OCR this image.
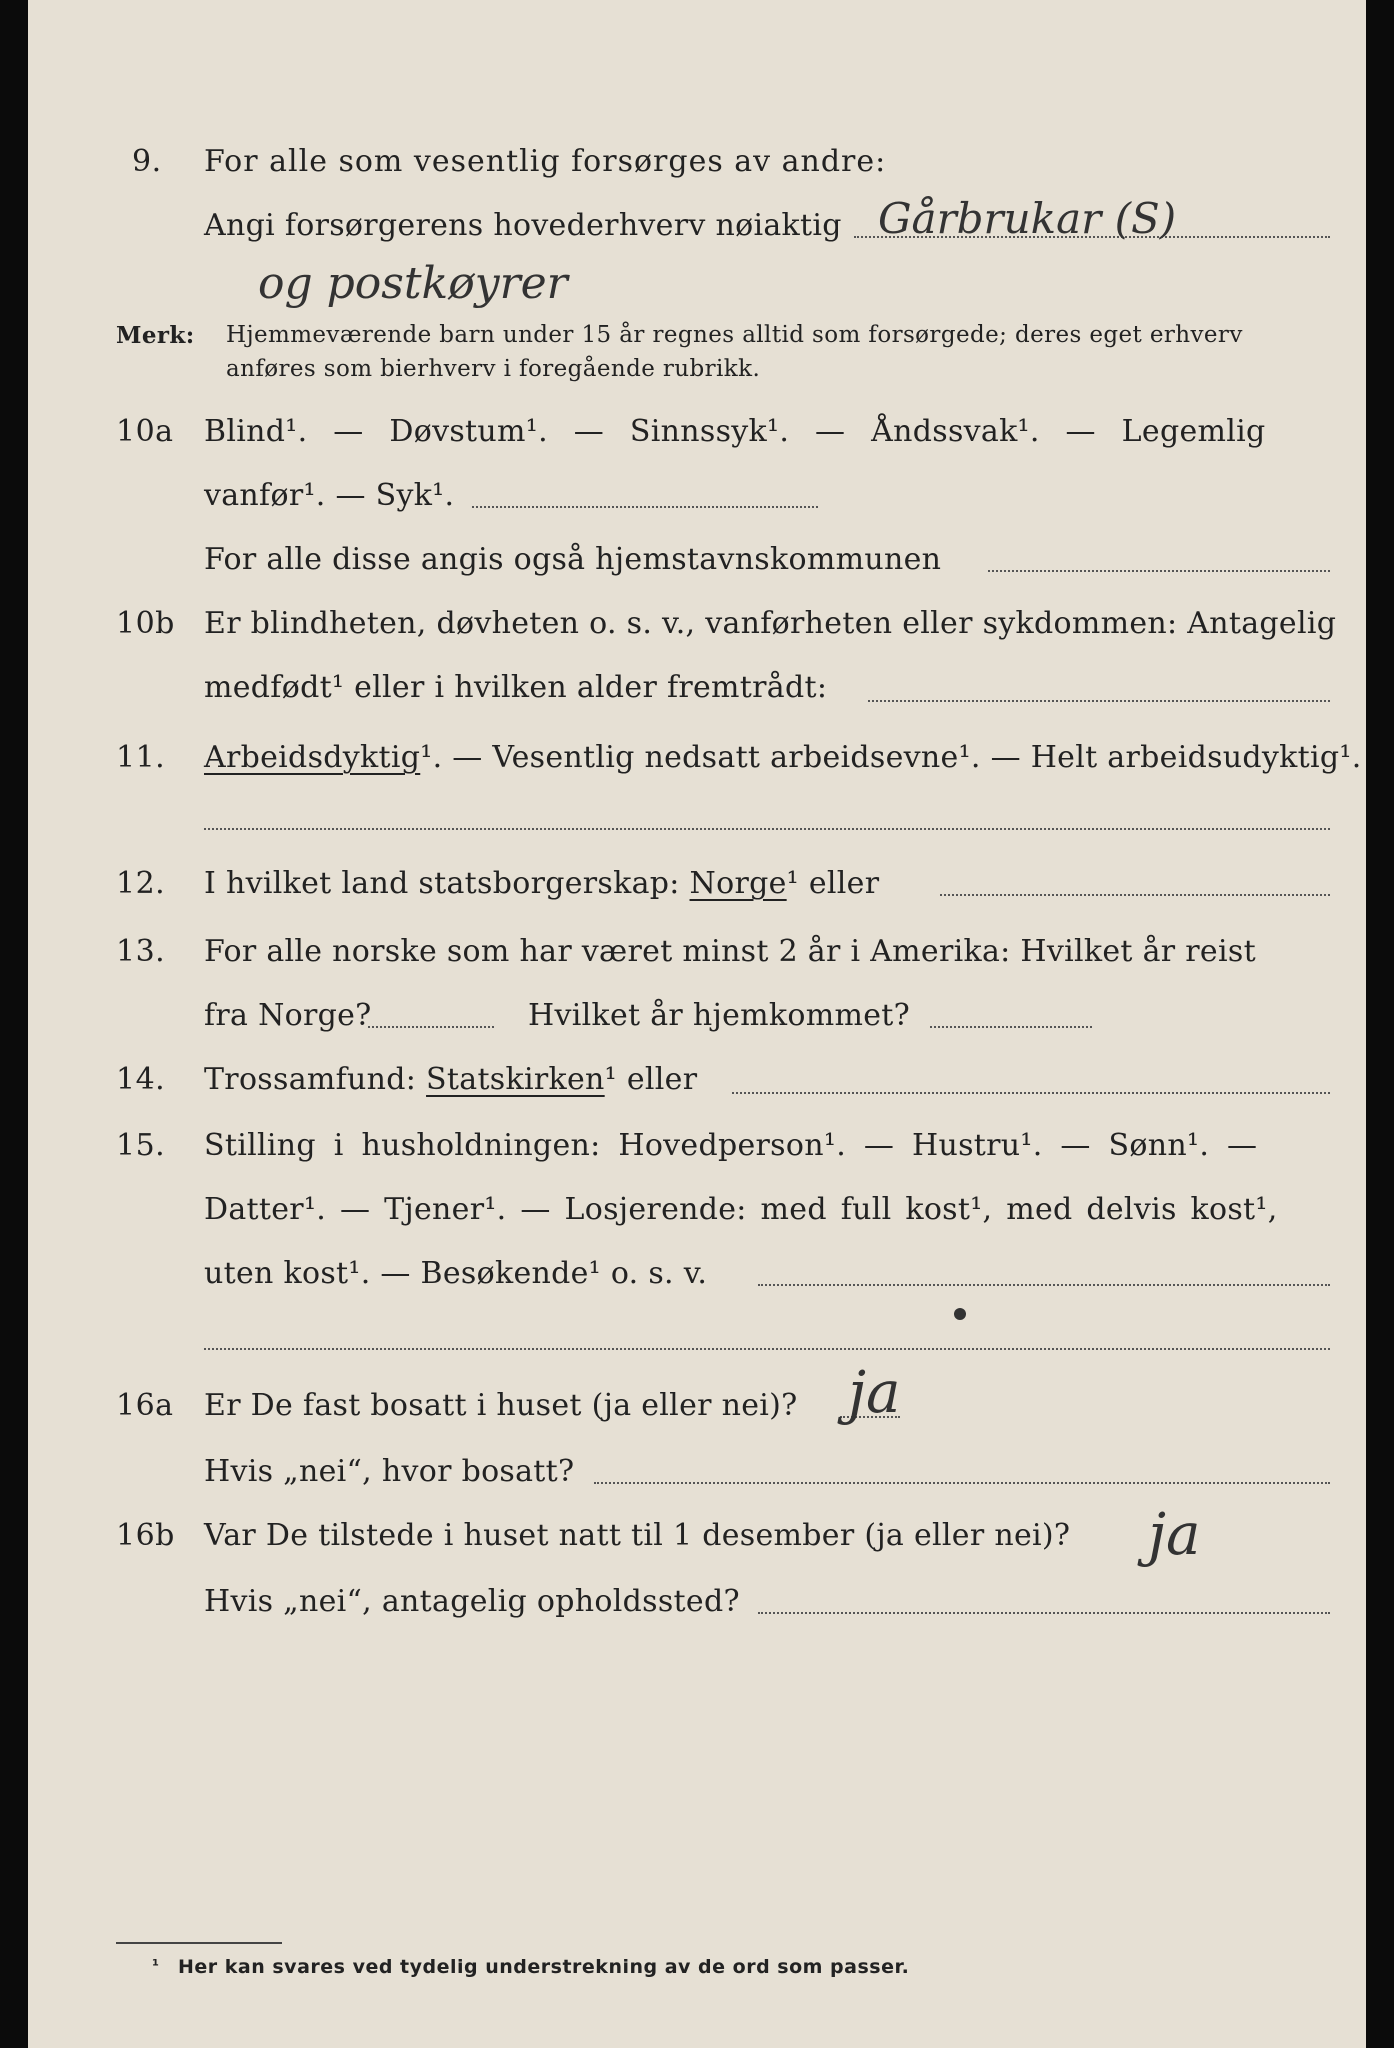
9. For alle som vesentlig forsørges av andre:
Angi forsørgerens hovederhverv nøiaktig Gårbrukar (S)
og postkøyrer
Merk: Hjemmeværende barn under 15 år regnes alltid som forsørgede; deres eget erhverv
anføres som bierhverv i foregående rubrikk.
10a Blind¹. — Døvstum¹. — Sinnssyk¹. — Åndssvak¹. — Legemlig
vanfør¹. — Syk¹.
For alle disse angis også hjemstavnskommunen
10b Er blindheten, døvheten o. s. v., vanførheten eller sykdommen: Antagelig
medfødt¹ eller i hvilken alder fremtrådt:
11. Arbeidsdyktig¹. — Vesentlig nedsatt arbeidsevne¹. — Helt arbeidsudyktig¹.
12. I hvilket land statsborgerskap: Norge¹ eller
13. For alle norske som har været minst 2 år i Amerika: Hvilket år reist
fra Norge?	Hvilket år hjemkommet?
14. Trossamfund: Statskirken¹ eller
15. Stilling i husholdningen: Hovedperson¹. — Hustru¹. — Sønn¹. —
Datter¹. — Tjener¹. — Losjerende: med full kost¹, med delvis kost¹,
uten kost¹. — Besøkende¹ o. s. v.
16a Er De fast bosatt i huset (ja eller nei)? ja
Hvis „nei“, hvor bosatt?
16b Var De tilstede i huset natt til 1 desember (ja eller nei)? ja
Hvis „nei“, antagelig opholdssted?
¹ Her kan svares ved tydelig understrekning av de ord som passer.
